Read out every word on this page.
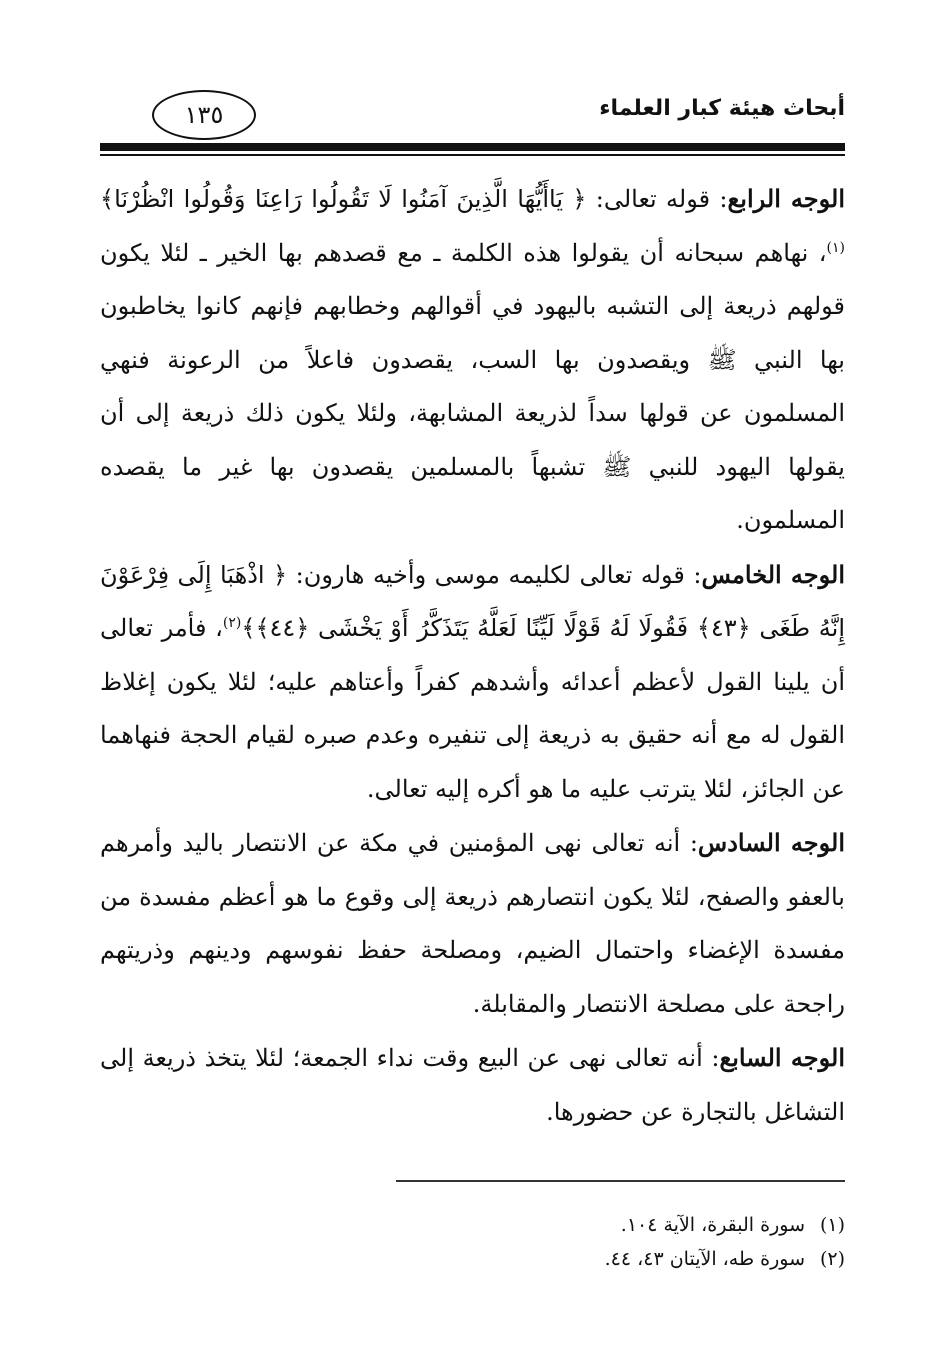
أبحاث هيئة كبار العلماء
١٣٥

الوجه الرابع: قوله تعالى: ﴿ يَاأَيُّهَا الَّذِينَ آمَنُوا لَا تَقُولُوا رَاعِنَا وَقُولُوا انْظُرْنَا﴾$^{(١)}$، نهاهم سبحانه أن يقولوا هذه الكلمة ـ مع قصدهم بها الخير ـ لئلا يكون قولهم ذريعة إلى التشبه باليهود في أقوالهم وخطابهم فإنهم كانوا يخاطبون بها النبي ﷺ ويقصدون بها السب، يقصدون فاعلاً من الرعونة فنهي المسلمون عن قولها سداً لذريعة المشابهة، ولئلا يكون ذلك ذريعة إلى أن يقولها اليهود للنبي ﷺ تشبهاً بالمسلمين يقصدون بها غير ما يقصده المسلمون.

الوجه الخامس: قوله تعالى لكليمه موسى وأخيه هارون: ﴿ اذْهَبَا إِلَى فِرْعَوْنَ إِنَّهُ طَغَى ﴿٤٣﴾ فَقُولَا لَهُ قَوْلًا لَيِّنًا لَعَلَّهُ يَتَذَكَّرُ أَوْ يَخْشَى ﴿٤٤﴾﴾$^{(٢)}$، فأمر تعالى أن يلينا القول لأعظم أعدائه وأشدهم كفراً وأعتاهم عليه؛ لئلا يكون إغلاظ القول له مع أنه حقيق به ذريعة إلى تنفيره وعدم صبره لقيام الحجة فنهاهما عن الجائز، لئلا يترتب عليه ما هو أكره إليه تعالى.

الوجه السادس: أنه تعالى نهى المؤمنين في مكة عن الانتصار باليد وأمرهم بالعفو والصفح، لئلا يكون انتصارهم ذريعة إلى وقوع ما هو أعظم مفسدة من مفسدة الإغضاء واحتمال الضيم، ومصلحة حفظ نفوسهم ودينهم وذريتهم راجحة على مصلحة الانتصار والمقابلة.

الوجه السابع: أنه تعالى نهى عن البيع وقت نداء الجمعة؛ لئلا يتخذ ذريعة إلى التشاغل بالتجارة عن حضورها.

(١)سورة البقرة، الآية ١٠٤.
(٢)سورة طه، الآيتان ٤٣، ٤٤.
